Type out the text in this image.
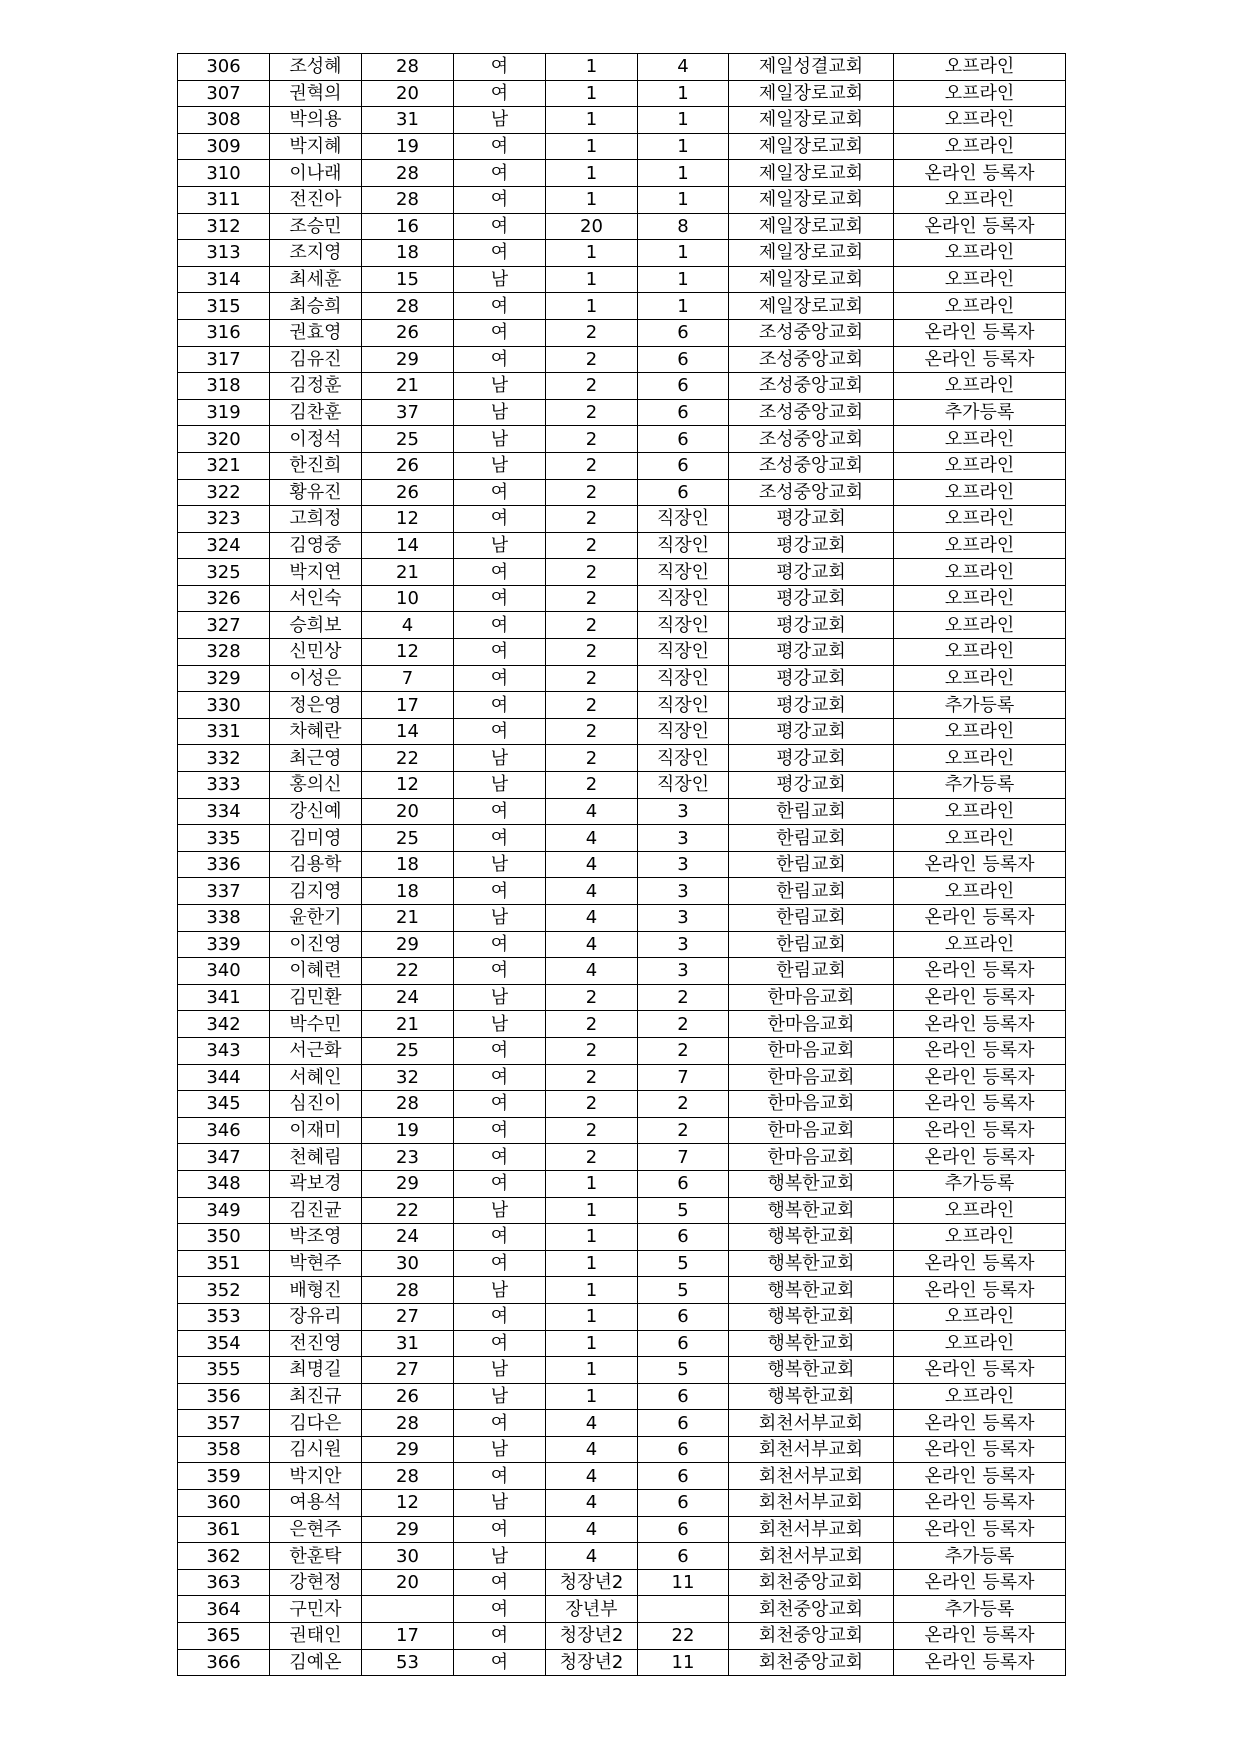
306	조성혜	28	여	1	4	제일성결교회	오프라인
307	권혁의	20	여	1	1	제일장로교회	오프라인
308	박의용	31	남	1	1	제일장로교회	오프라인
309	박지혜	19	여	1	1	제일장로교회	오프라인
310	이나래	28	여	1	1	제일장로교회	온라인 등록자
311	전진아	28	여	1	1	제일장로교회	오프라인
312	조승민	16	여	20	8	제일장로교회	온라인 등록자
313	조지영	18	여	1	1	제일장로교회	오프라인
314	최세훈	15	남	1	1	제일장로교회	오프라인
315	최승희	28	여	1	1	제일장로교회	오프라인
316	권효영	26	여	2	6	조성중앙교회	온라인 등록자
317	김유진	29	여	2	6	조성중앙교회	온라인 등록자
318	김정훈	21	남	2	6	조성중앙교회	오프라인
319	김찬훈	37	남	2	6	조성중앙교회	추가등록
320	이정석	25	남	2	6	조성중앙교회	오프라인
321	한진희	26	남	2	6	조성중앙교회	오프라인
322	황유진	26	여	2	6	조성중앙교회	오프라인
323	고희정	12	여	2	직장인	평강교회	오프라인
324	김영중	14	남	2	직장인	평강교회	오프라인
325	박지연	21	여	2	직장인	평강교회	오프라인
326	서인숙	10	여	2	직장인	평강교회	오프라인
327	승희보	4	여	2	직장인	평강교회	오프라인
328	신민상	12	여	2	직장인	평강교회	오프라인
329	이성은	7	여	2	직장인	평강교회	오프라인
330	정은영	17	여	2	직장인	평강교회	추가등록
331	차혜란	14	여	2	직장인	평강교회	오프라인
332	최근영	22	남	2	직장인	평강교회	오프라인
333	홍의신	12	남	2	직장인	평강교회	추가등록
334	강신예	20	여	4	3	한림교회	오프라인
335	김미영	25	여	4	3	한림교회	오프라인
336	김용학	18	남	4	3	한림교회	온라인 등록자
337	김지영	18	여	4	3	한림교회	오프라인
338	윤한기	21	남	4	3	한림교회	온라인 등록자
339	이진영	29	여	4	3	한림교회	오프라인
340	이혜련	22	여	4	3	한림교회	온라인 등록자
341	김민환	24	남	2	2	한마음교회	온라인 등록자
342	박수민	21	남	2	2	한마음교회	온라인 등록자
343	서근화	25	여	2	2	한마음교회	온라인 등록자
344	서혜인	32	여	2	7	한마음교회	온라인 등록자
345	심진이	28	여	2	2	한마음교회	온라인 등록자
346	이재미	19	여	2	2	한마음교회	온라인 등록자
347	천혜림	23	여	2	7	한마음교회	온라인 등록자
348	곽보경	29	여	1	6	행복한교회	추가등록
349	김진균	22	남	1	5	행복한교회	오프라인
350	박조영	24	여	1	6	행복한교회	오프라인
351	박현주	30	여	1	5	행복한교회	온라인 등록자
352	배형진	28	남	1	5	행복한교회	온라인 등록자
353	장유리	27	여	1	6	행복한교회	오프라인
354	전진영	31	여	1	6	행복한교회	오프라인
355	최명길	27	남	1	5	행복한교회	온라인 등록자
356	최진규	26	남	1	6	행복한교회	오프라인
357	김다은	28	여	4	6	회천서부교회	온라인 등록자
358	김시원	29	남	4	6	회천서부교회	온라인 등록자
359	박지안	28	여	4	6	회천서부교회	온라인 등록자
360	여용석	12	남	4	6	회천서부교회	온라인 등록자
361	은현주	29	여	4	6	회천서부교회	온라인 등록자
362	한훈탁	30	남	4	6	회천서부교회	추가등록
363	강현정	20	여	청장년2	11	회천중앙교회	온라인 등록자
364	구민자		여	장년부		회천중앙교회	추가등록
365	권태인	17	여	청장년2	22	회천중앙교회	온라인 등록자
366	김예온	53	여	청장년2	11	회천중앙교회	온라인 등록자
